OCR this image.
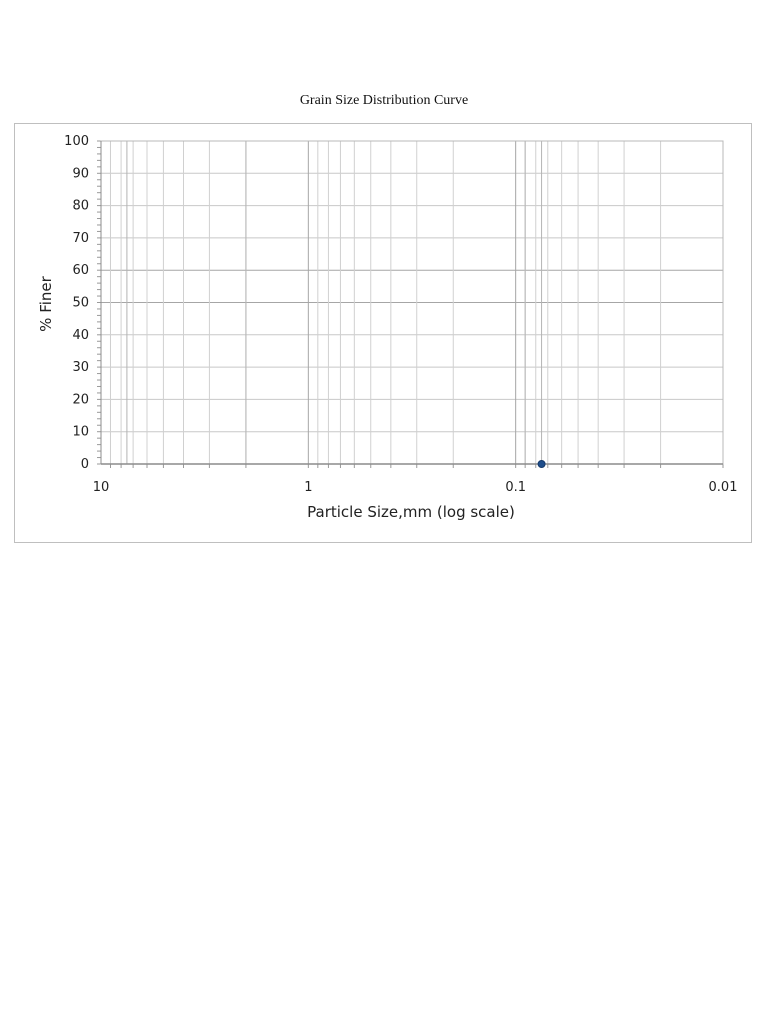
Grain Size Distribution Curve
0
10
20
30
40
50
60
70
80
90
100
10	1	0.1	0.01
Particle Size,mm (log scale)
% Finer
